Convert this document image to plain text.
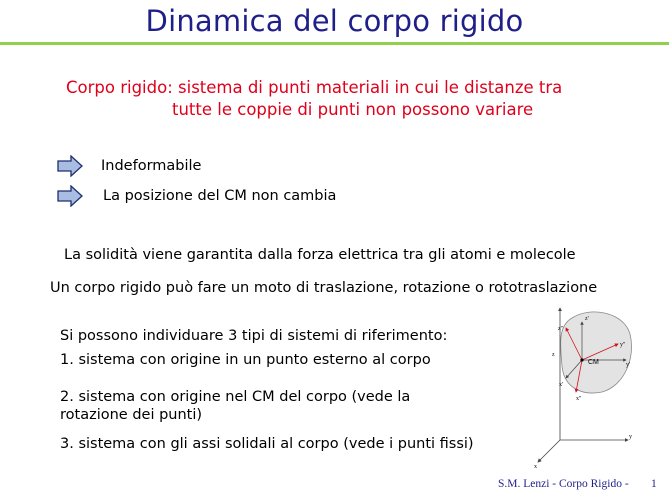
Dinamica del corpo rigido
Corpo rigido: sistema di punti materiali in cui le distanze tra
tutte le coppie di punti non possono variare
Indeformabile
La posizione del CM non cambia
La solidità viene garantita dalla forza elettrica tra gli atomi e molecole
Un corpo rigido può fare un moto di traslazione, rotazione o rototraslazione
Si possono individuare 3 tipi di sistemi di riferimento:
1. sistema con origine in un punto esterno al corpo
2. sistema con origine nel CM del corpo (vede la rotazione dei punti)
3. sistema con gli assi solidali al corpo (vede i punti fissi)
CM
z
y
x
z'
y'
x'
z''
y''
x''
S.M. Lenzi - Corpo Rigido - 1
